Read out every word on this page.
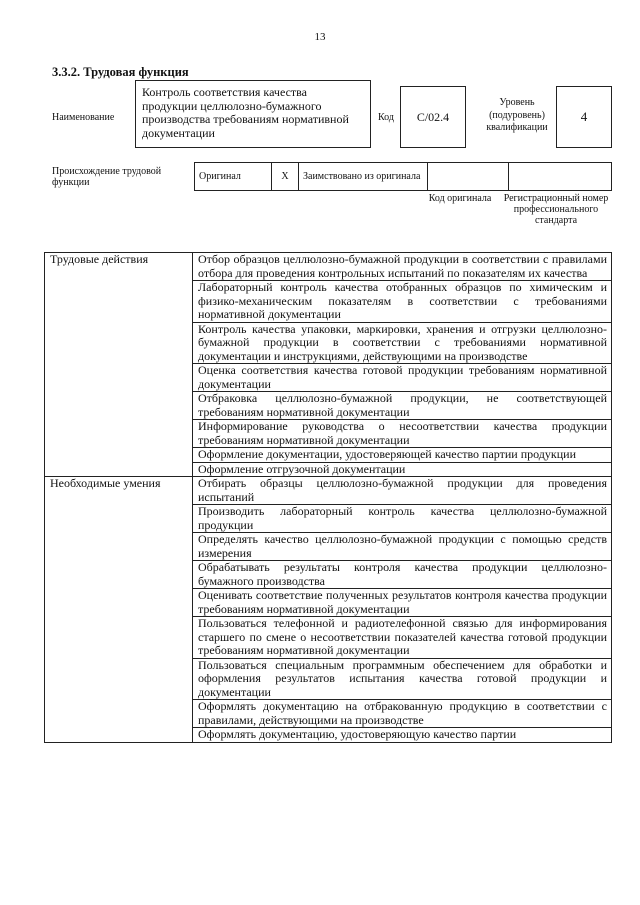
13
3.3.2. Трудовая функция
Наименование
Контроль соответствия качества продукции целлюлозно-бумажного производства требованиям нормативной документации
Код	C/02.4
Уровень (подуровень) квалификации
4
Происхождение трудовой функции
Оригинал	X	Заимствовано из оригинала		
Код оригинала	Регистрационный номер профессионального стандарта
Трудовые действия	Отбор образцов целлюлозно-бумажной продукции в соответствии с правилами отбора для проведения контрольных испытаний по показателям их качества
	Лабораторный контроль качества отобранных образцов по химическим и физико-механическим показателям в соответствии с требованиями нормативной документации
	Контроль качества упаковки, маркировки, хранения и отгрузки целлюлозно-бумажной продукции в соответствии с требованиями нормативной документации и инструкциями, действующими на производстве
	Оценка соответствия качества готовой продукции требованиям нормативной документации
	Отбраковка целлюлозно-бумажной продукции, не соответствующей требованиям нормативной документации
	Информирование руководства о несоответствии качества продукции требованиям нормативной документации
	Оформление документации, удостоверяющей качество партии продукции
	Оформление отгрузочной документации
Необходимые умения	Отбирать образцы целлюлозно-бумажной продукции для проведения испытаний
	Производить лабораторный контроль качества целлюлозно-бумажной продукции
	Определять качество целлюлозно-бумажной продукции с помощью средств измерения
	Обрабатывать результаты контроля качества продукции целлюлозно-бумажного производства
	Оценивать соответствие полученных результатов контроля качества продукции требованиям нормативной документации
	Пользоваться телефонной и радиотелефонной связью для информирования старшего по смене о несоответствии показателей качества готовой продукции требованиям нормативной документации
	Пользоваться специальным программным обеспечением для обработки и оформления результатов испытания качества готовой продукции и документации
	Оформлять документацию на отбракованную продукцию в соответствии с правилами, действующими на производстве
	Оформлять документацию, удостоверяющую качество партии
